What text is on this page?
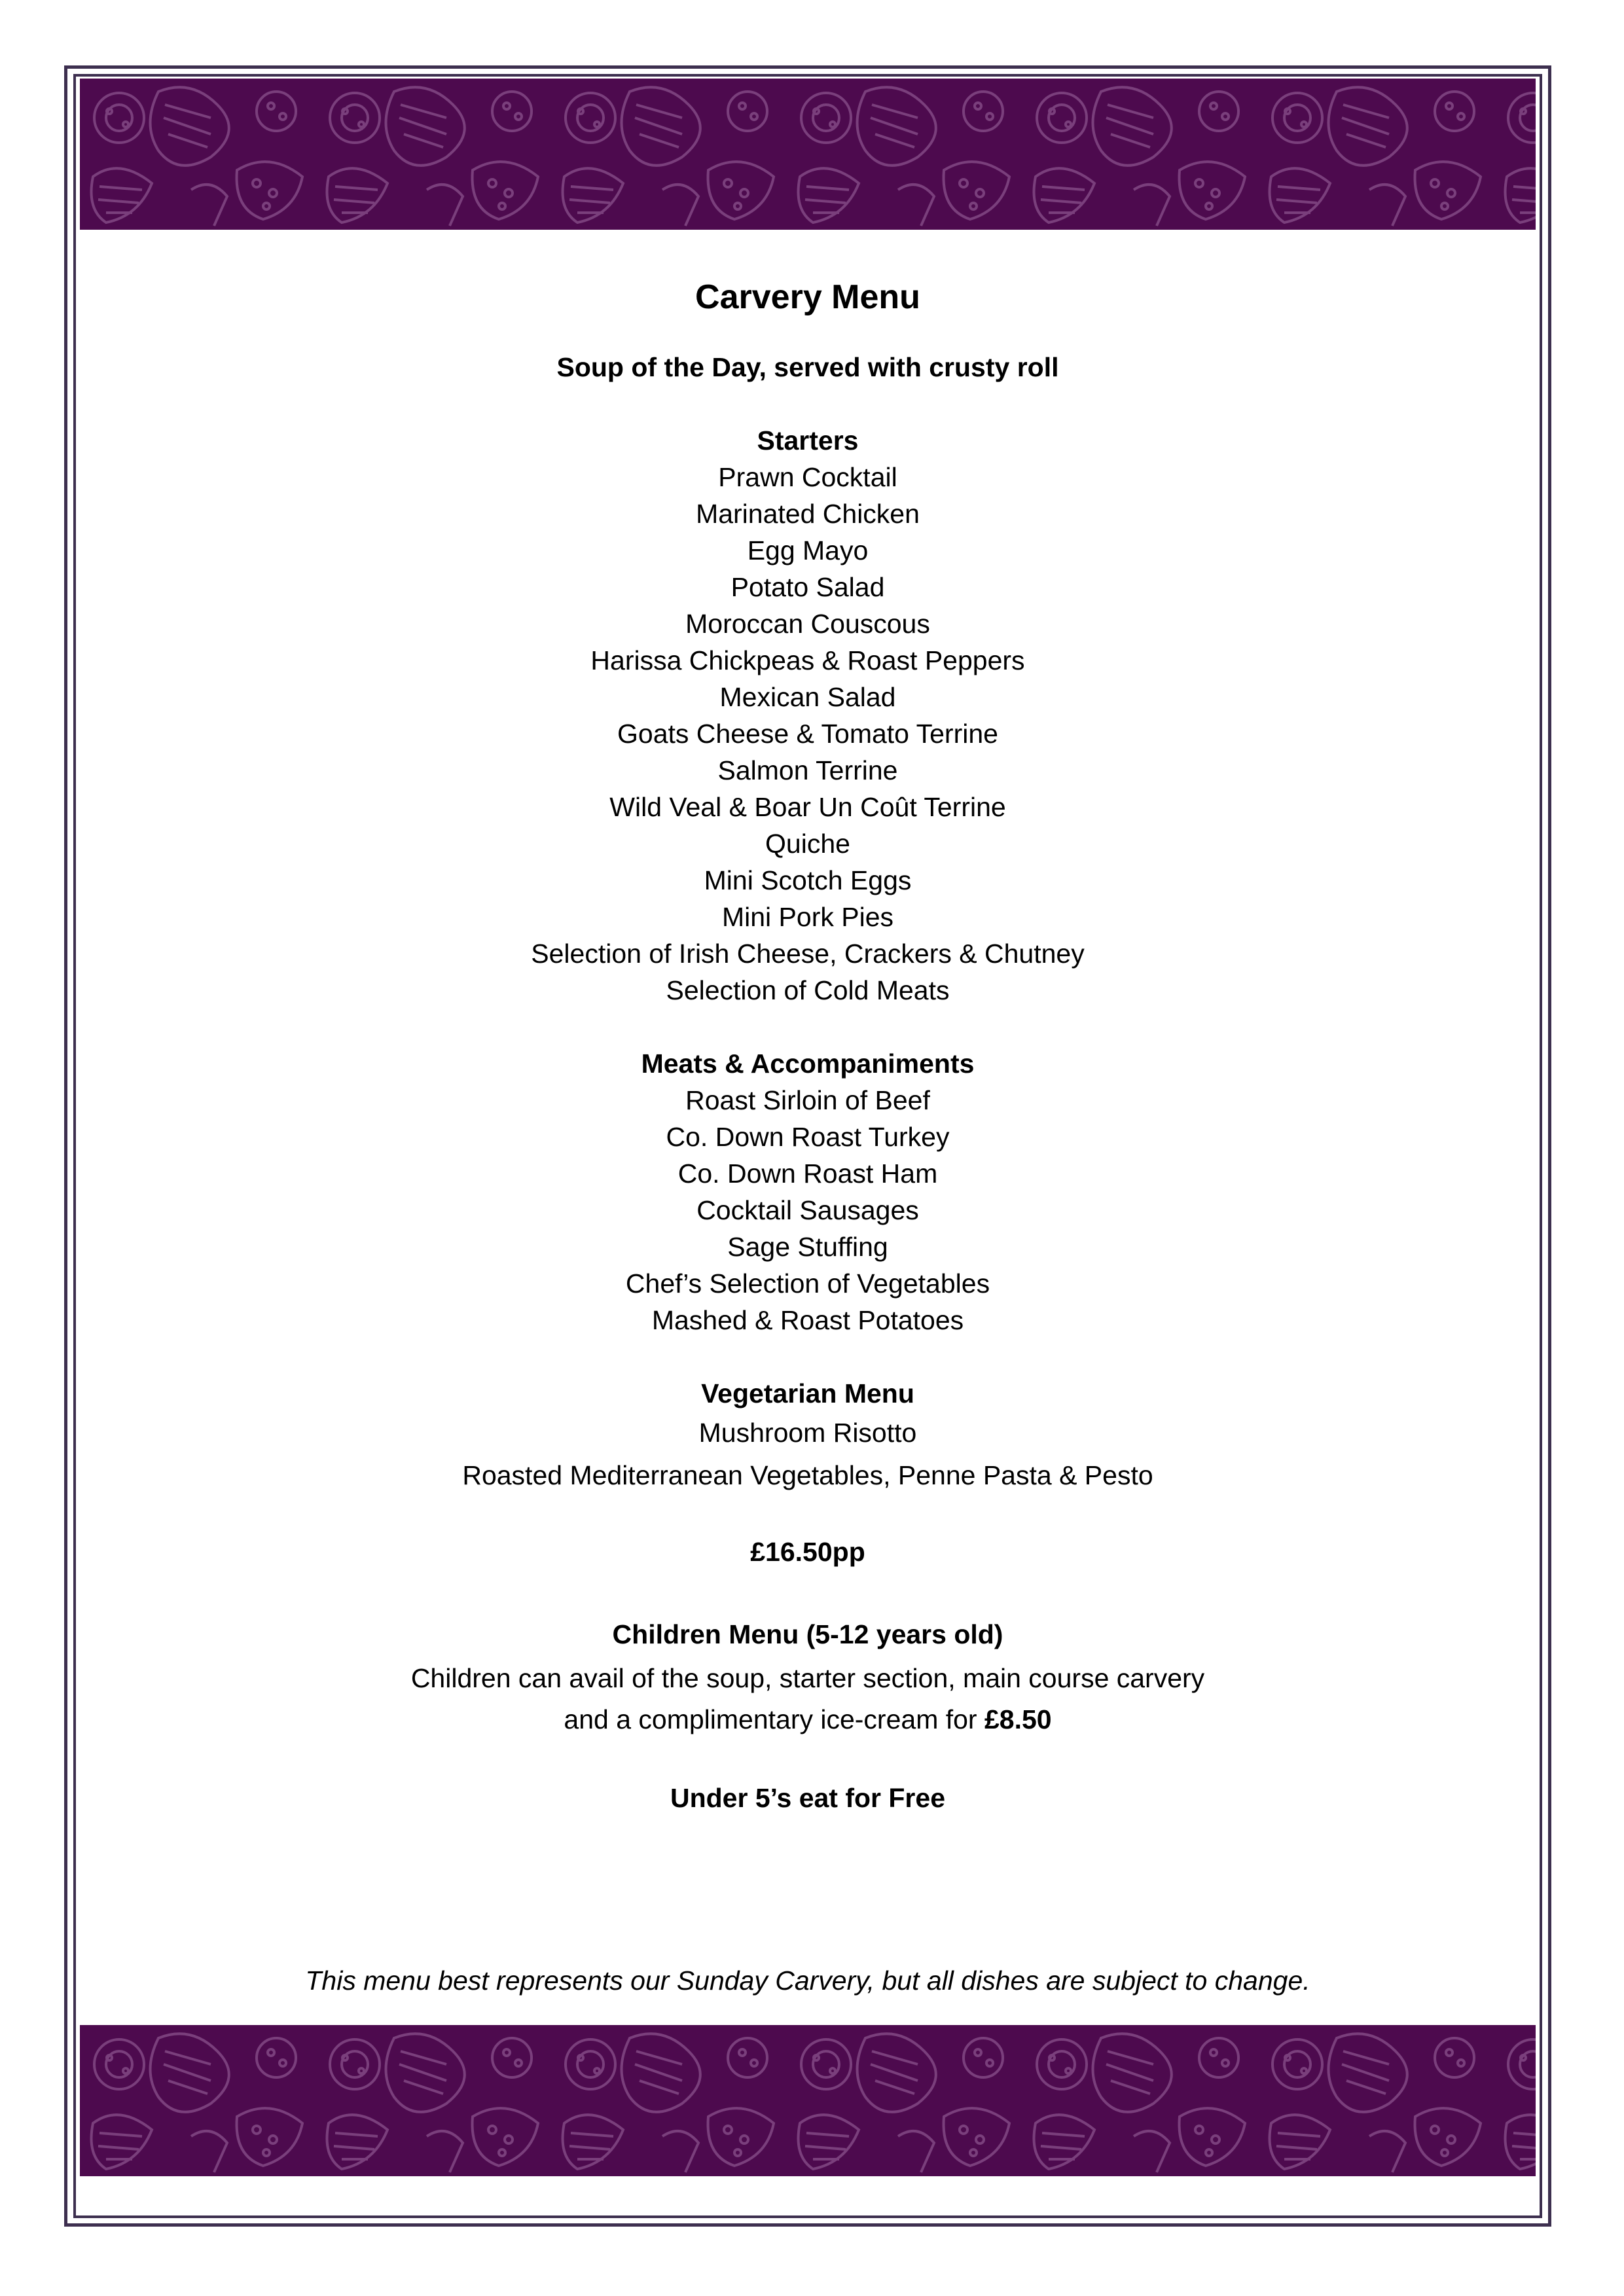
Carvery Menu
Soup of the Day, served with crusty roll
Starters
Prawn Cocktail
Marinated Chicken
Egg Mayo
Potato Salad
Moroccan Couscous
Harissa Chickpeas & Roast Peppers
Mexican Salad
Goats Cheese & Tomato Terrine
Salmon Terrine
Wild Veal & Boar Un Coût Terrine
Quiche
Mini Scotch Eggs
Mini Pork Pies
Selection of Irish Cheese, Crackers & Chutney
Selection of Cold Meats
Meats & Accompaniments
Roast Sirloin of Beef
Co. Down Roast Turkey
Co. Down Roast Ham
Cocktail Sausages
Sage Stuffing
Chef’s Selection of Vegetables
Mashed & Roast Potatoes
Vegetarian Menu
Mushroom Risotto
Roasted Mediterranean Vegetables, Penne Pasta & Pesto
£16.50pp
Children Menu (5-12 years old)
Children can avail of the soup, starter section, main course carvery
and a complimentary ice-cream for £8.50
Under 5’s eat for Free
This menu best represents our Sunday Carvery, but all dishes are subject to change.
